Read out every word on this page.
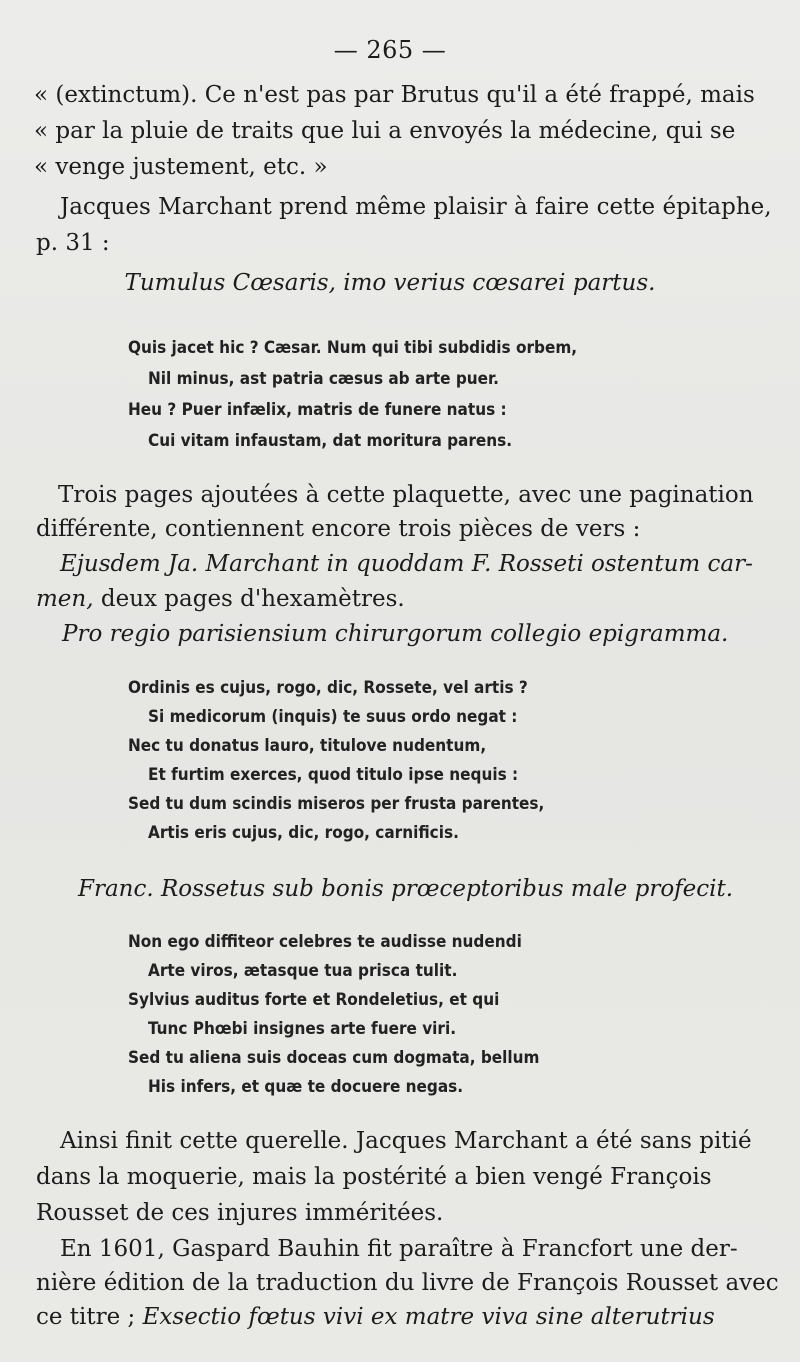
— 265 —
« (extinctum). Ce n'est pas par Brutus qu'il a été frappé, mais
« par la pluie de traits que lui a envoyés la médecine, qui se
« venge justement, etc. »
Jacques Marchant prend même plaisir à faire cette épitaphe,
p. 31 :
Tumulus Cœsaris, imo verius cœsarei partus.
Quis jacet hic ? Cæsar. Num qui tibi subdidis orbem,
Nil minus, ast patria cæsus ab arte puer.
Heu ? Puer infælix, matris de funere natus :
Cui vitam infaustam, dat moritura parens.
Trois pages ajoutées à cette plaquette, avec une pagination
différente, contiennent encore trois pièces de vers :
Ejusdem Ja. Marchant in quoddam F. Rosseti ostentum car-
men, deux pages d'hexamètres.
Pro regio parisiensium chirurgorum collegio epigramma.
Ordinis es cujus, rogo, dic, Rossete, vel artis ?
Si medicorum (inquis) te suus ordo negat :
Nec tu donatus lauro, titulove nudentum,
Et furtim exerces, quod titulo ipse nequis :
Sed tu dum scindis miseros per frusta parentes,
Artis eris cujus, dic, rogo, carnificis.
Franc. Rossetus sub bonis prœceptoribus male profecit.
Non ego diffiteor celebres te audisse nudendi
Arte viros, ætasque tua prisca tulit.
Sylvius auditus forte et Rondeletius, et qui
Tunc Phœbi insignes arte fuere viri.
Sed tu aliena suis doceas cum dogmata, bellum
His infers, et quæ te docuere negas.
Ainsi finit cette querelle. Jacques Marchant a été sans pitié
dans la moquerie, mais la postérité a bien vengé François
Rousset de ces injures imméritées.
En 1601, Gaspard Bauhin fit paraître à Francfort une der-
nière édition de la traduction du livre de François Rousset avec
ce titre ; Exsectio fœtus vivi ex matre viva sine alterutrius
